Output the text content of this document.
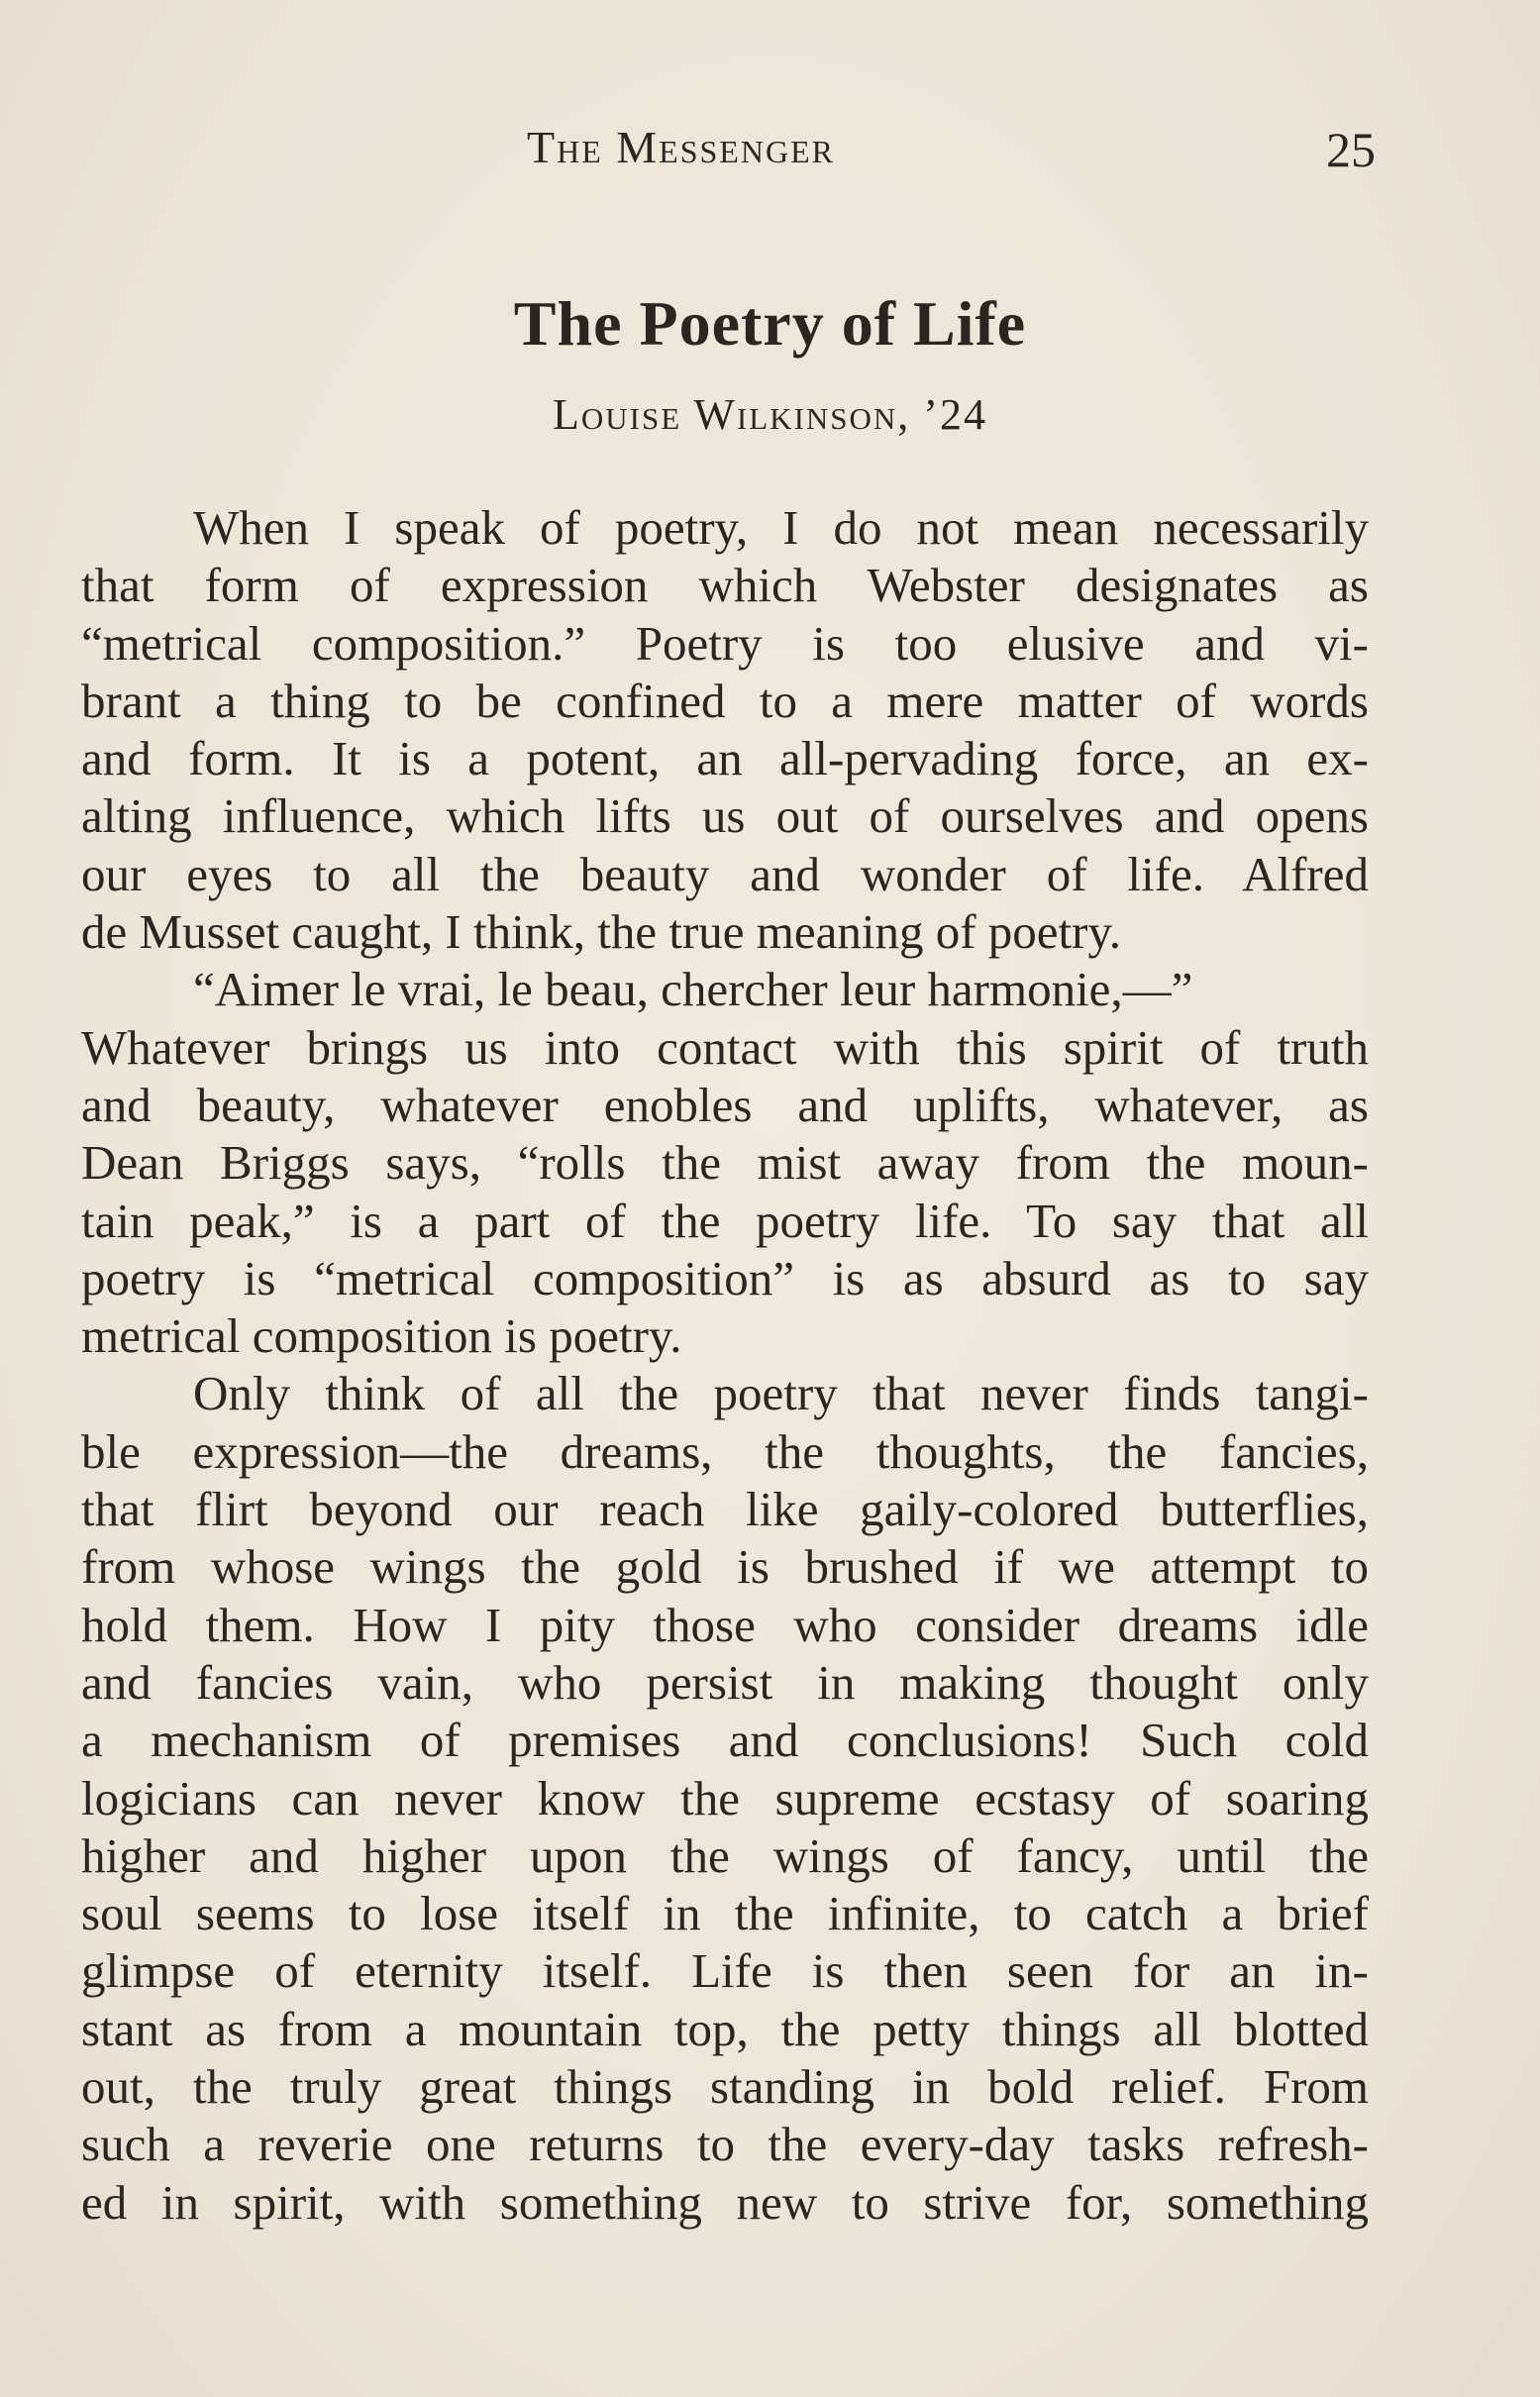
The Messenger	25
The Poetry of Life
Louise Wilkinson, ’24
When I speak of poetry, I do not mean necessarily
that form of expression which Webster designates as
“metrical composition.” Poetry is too elusive and vi-
brant a thing to be confined to a mere matter of words
and form. It is a potent, an all-pervading force, an ex-
alting influence, which lifts us out of ourselves and opens
our eyes to all the beauty and wonder of life. Alfred
de Musset caught, I think, the true meaning of poetry.
“Aimer le vrai, le beau, chercher leur harmonie,—”
Whatever brings us into contact with this spirit of truth
and beauty, whatever enobles and uplifts, whatever, as
Dean Briggs says, “rolls the mist away from the moun-
tain peak,” is a part of the poetry life. To say that all
poetry is “metrical composition” is as absurd as to say
metrical composition is poetry.
Only think of all the poetry that never finds tangi-
ble expression—the dreams, the thoughts, the fancies,
that flirt beyond our reach like gaily-colored butterflies,
from whose wings the gold is brushed if we attempt to
hold them. How I pity those who consider dreams idle
and fancies vain, who persist in making thought only
a mechanism of premises and conclusions! Such cold
logicians can never know the supreme ecstasy of soaring
higher and higher upon the wings of fancy, until the
soul seems to lose itself in the infinite, to catch a brief
glimpse of eternity itself. Life is then seen for an in-
stant as from a mountain top, the petty things all blotted
out, the truly great things standing in bold relief. From
such a reverie one returns to the every-day tasks refresh-
ed in spirit, with something new to strive for, something
